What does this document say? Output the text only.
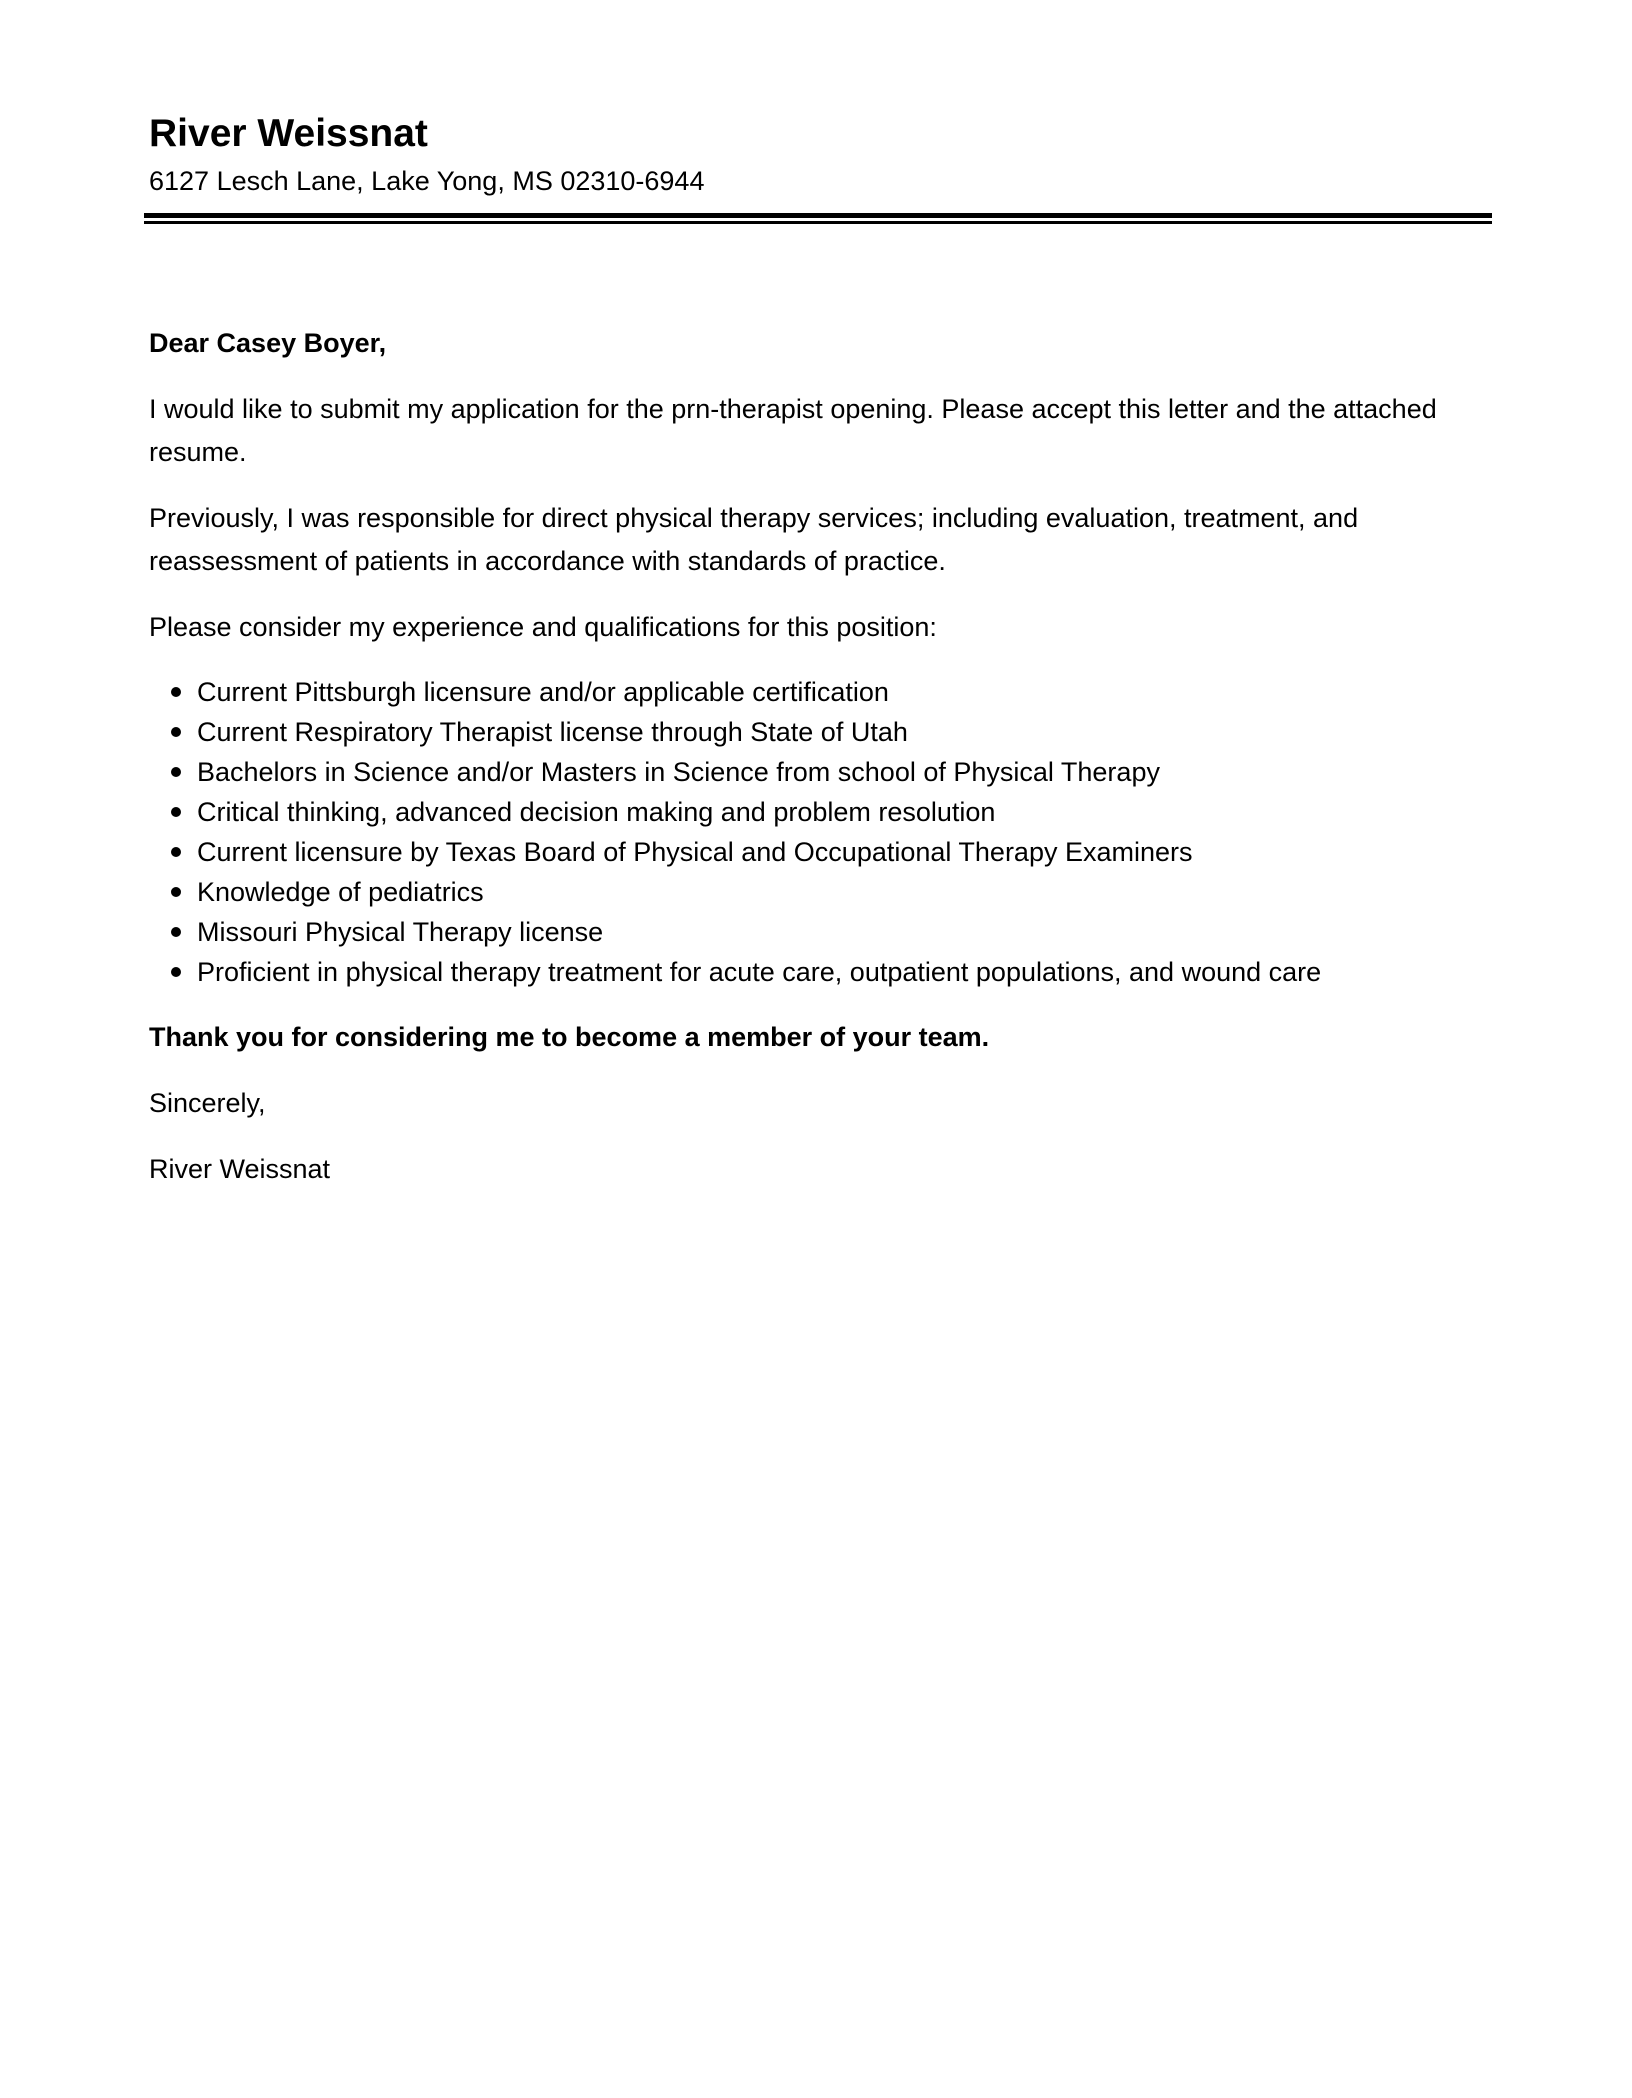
River Weissnat
6127 Lesch Lane, Lake Yong, MS 02310-6944

Dear Casey Boyer,

I would like to submit my application for the prn-therapist opening. Please accept this letter and the attached resume.

Previously, I was responsible for direct physical therapy services; including evaluation, treatment, and reassessment of patients in accordance with standards of practice.

Please consider my experience and qualifications for this position:

Current Pittsburgh licensure and/or applicable certification
Current Respiratory Therapist license through State of Utah
Bachelors in Science and/or Masters in Science from school of Physical Therapy
Critical thinking, advanced decision making and problem resolution
Current licensure by Texas Board of Physical and Occupational Therapy Examiners
Knowledge of pediatrics
Missouri Physical Therapy license
Proficient in physical therapy treatment for acute care, outpatient populations, and wound care

Thank you for considering me to become a member of your team.

Sincerely,

River Weissnat
